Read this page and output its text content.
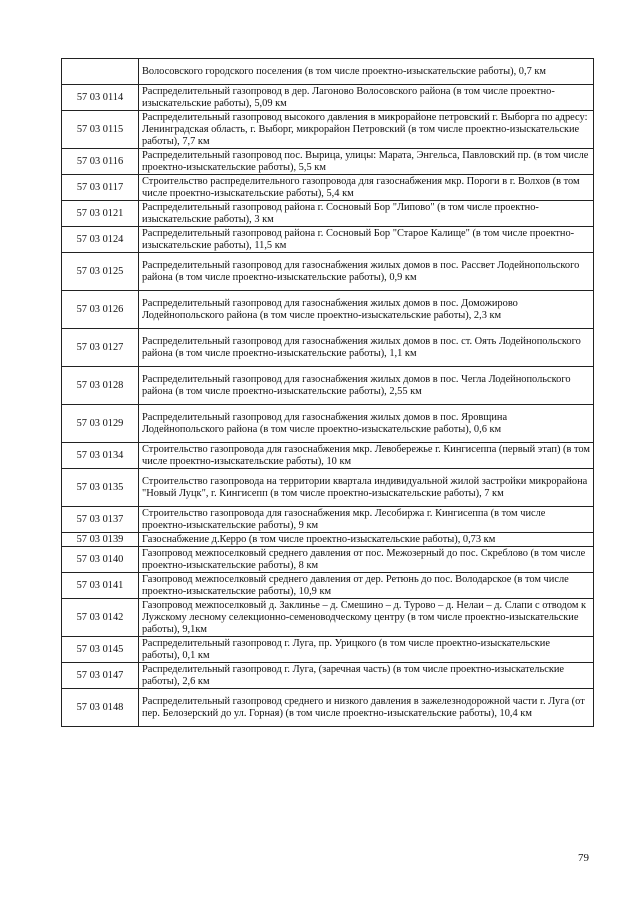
	Волосовского городского поселения (в том числе проектно-изыскательские работы), 0,7 км
57 03 0114	Распределительный газопровод в дер. Лагоново Волосовского района (в том числе проектно-изыскательские работы), 5,09 км
57 03 0115	Распределительный газопровод высокого давления в микрорайоне петровский г. Выборга по адресу: Ленинградская область, г. Выборг, микрорайон Петровский (в том числе проектно-изыскательские работы), 7,7 км
57 03 0116	Распределительный газопровод пос. Вырица, улицы: Марата, Энгельса, Павловский пр. (в том числе проектно-изыскательские работы), 5,5 км
57 03 0117	Строительство распределительного газопровода для газоснабжения мкр. Пороги в г. Волхов (в том числе проектно-изыскательские работы), 5,4 км
57 03 0121	Распределительный газопровод района г. Сосновый Бор "Липово" (в том числе проектно-изыскательские работы), 3 км
57 03 0124	Распределительный газопровод района г. Сосновый Бор "Старое Калище" (в том числе проектно-изыскательские работы), 11,5 км
57 03 0125	Распределительный газопровод для газоснабжения жилых домов в пос. Рассвет Лодейнопольского района (в том числе проектно-изыскательские работы), 0,9 км
57 03 0126	Распределительный газопровод для газоснабжения жилых домов в пос. Доможирово Лодейнопольского района (в том числе проектно-изыскательские работы), 2,3 км
57 03 0127	Распределительный газопровод для газоснабжения жилых домов в пос. ст. Оять Лодейнопольского района (в том числе проектно-изыскательские работы), 1,1 км
57 03 0128	Распределительный газопровод для газоснабжения жилых домов в пос. Чегла Лодейнопольского района (в том числе проектно-изыскательские работы), 2,55 км
57 03 0129	Распределительный газопровод для газоснабжения жилых домов в пос. Яровщина Лодейнопольского района (в том числе проектно-изыскательские работы), 0,6 км
57 03 0134	Строительство газопровода для газоснабжения мкр. Левобережье г. Кингисеппа (первый этап) (в том числе проектно-изыскательские работы), 10 км
57 03 0135	Строительство газопровода на территории квартала индивидуальной жилой застройки микрорайона "Новый Луцк", г. Кингисепп (в том числе проектно-изыскательские работы), 7 км
57 03 0137	Строительство газопровода для газоснабжения мкр. Лесобиржа г. Кингисеппа (в том числе проектно-изыскательские работы), 9 км
57 03 0139	Газоснабжение д.Керро (в том числе проектно-изыскательские работы), 0,73 км
57 03 0140	Газопровод межпоселковый среднего давления от пос. Межозерный до пос. Скреблово (в том числе проектно-изыскательские работы), 8 км
57 03 0141	Газопровод межпоселковый среднего давления от дер. Ретюнь до пос. Володарское (в том числе проектно-изыскательские работы), 10,9 км
57 03 0142	Газопровод межпоселковый д. Заклинье – д. Смешино – д. Турово – д. Нелаи – д. Слапи с отводом к Лужскому лесному селекционно-семеноводческому центру (в том числе проектно-изыскательские работы), 9,1км
57 03 0145	Распределительный газопровод г. Луга, пр. Урицкого (в том числе проектно-изыскательские работы), 0,1 км
57 03 0147	Распределительный газопровод г. Луга, (заречная часть) (в том числе проектно-изыскательские работы), 2,6 км
57 03 0148	Распределительный газопровод среднего и низкого давления в зажелезнодорожной части г. Луга (от пер. Белозерский до ул. Горная) (в том числе проектно-изыскательские работы), 10,4 км
79
